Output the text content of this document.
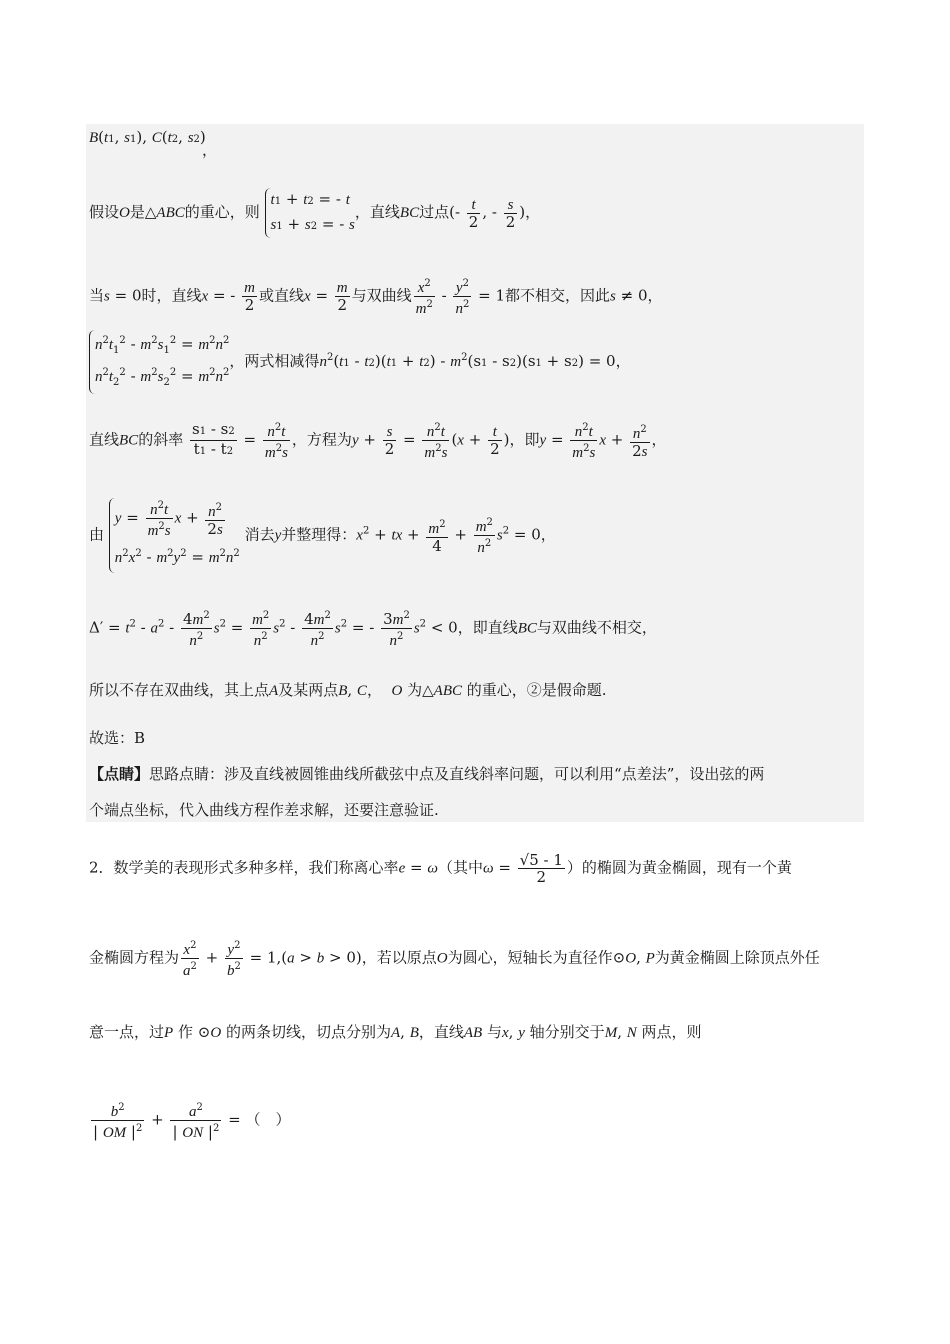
B(t1, s1), C(t2, s2)
，
假设O是△ABC的重心，则 t1 + t2 = - t
s1 + s2 = - s，直线BC过点(- $\frac{t}{2}$ , - $\frac{s}{2}$ )，
当s = 0时，直线x = - $\frac{m}{2}$ 或直线$x = \frac{m}{2}$ 与双曲线 $\frac{x^2}{m^2} - \frac{y^2}{n^2} = 1$都不相交，因此s ≠ 0，
$n^2t_1^2 - m^2s_1^2 = m^2n^2$
$n^2t_2^2 - m^2s_2^2 = m^2n^2$，两式相减得$n^2(t1 - t2)(t1 + t2) - m^2(s1 - s2)(s1 + s2) = 0$，
直线BC的斜率 $\frac{s1 - s2}{t1 - t2} = \frac{n^2t}{m^2s}$ ，方程为$y + \frac{s}{2} = \frac{n^2t}{m^2s} (x + \frac{t}{2}$ )，即$y = \frac{n^2t}{m^2s}$ $x + \frac{n^2}{2s}$ ，
由 $y = \frac{n^2t}{m^2s}$ $x + \frac{n^2}{2s}$

$n^2x^2 - m^2y^2 = m^2n^2$ 消去y并整理得：$x^2$ + tx + $\frac{m^2}{4} + \frac{m^2}{n^2} s^2 = 0$，
$\Delta' = t^2 - a^2 - \frac{4m^2}{n^2} s^2 = \frac{m^2}{n^2} s^2 - \frac{4m^2}{n^2} s^2$ = - $\frac{3m^2}{n^2} s^2 < 0$，即直线BC与双曲线不相交，
所以不存在双曲线，其上点A及某两点B, C， O 为△ABC 的重心，②是假命题.
故选：B
【点睛】思路点睛：涉及直线被圆锥曲线所截弦中点及直线斜率问题，可以利用“点差法”，设出弦的两
个端点坐标，代入曲线方程作差求解，还要注意验证.
2．数学美的表现形式多种多样，我们称离心率e = ω（其中$\omega = \frac{√5 - 1}{2}$ ）的椭圆为黄金椭圆，现有一个黄
金椭圆方程为 $\frac{x^2}{a^2} + \frac{y^2}{b^2} = 1,(a > b > 0)$，若以原点O为圆心，短轴长为直径作⊙O, P为黄金椭圆上除顶点外任
意一点，过P 作 ⊙O 的两条切线，切点分别为A, B，直线AB 与x, y 轴分别交于M, N 两点，则
$\frac{b^2}{| OM |^2} + \frac{a^2}{| ON |^2}$ = （　）
